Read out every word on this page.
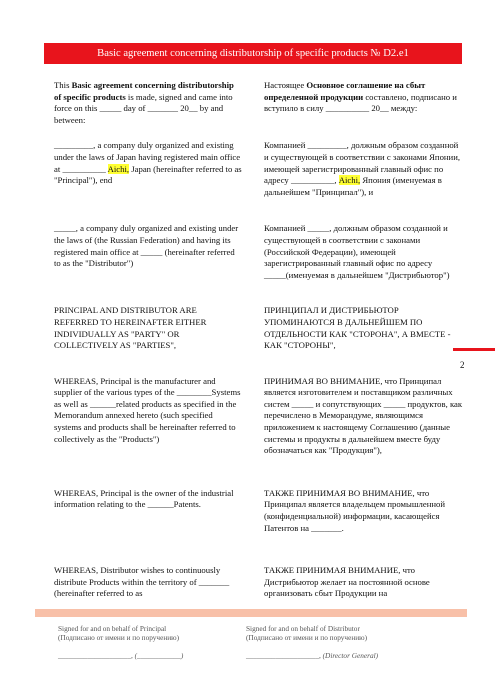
Basic agreement concerning distributorship of specific products № D2.e1

This Basic agreement concerning distributorship of specific products is made, signed and came into force on this _____ day of _______ 20__ by and between:

Настоящее Основное соглашение на сбыт определенной продукции составлено, подписано и вступило в силу __________ 20__ между:

_________, a company duly organized and existing under the laws of Japan having registered main office at __________ Aichi, Japan (hereinafter referred to as "Principal"), end

Компанией _________, должным образом созданной и существующей в соответствии с законами Японии, имеющей зарегистрированный главный офис по адресу __________, Aichi, Япония (именуемая в дальнейшем "Принципал"), и

_____, a company duly organized and existing under the laws of (the Russian Federation) and having its registered main office at _____ (hereinafter referred to as the "Distributor")

Компанией _____, должным образом созданной и существующей в соответствии с законами (Российской Федерации), имеющей зарегистрированный главный офис по адресу _____(именуемая в дальнейшем "Дистрибьютор")

PRINCIPAL AND DISTRIBUTOR ARE REFERRED TO HEREINAFTER EITHER INDIVIDUALLY AS "PARTY" OR COLLECTIVELY AS "PARTIES",

ПРИНЦИПАЛ И ДИСТРИБЬЮТОР УПОМИНАЮТСЯ В ДАЛЬНЕЙШЕМ ПО ОТДЕЛЬНОСТИ КАК "СТОРОНА", А ВМЕСТЕ - КАК "СТОРОНЫ",

WHEREAS, Principal is the manufacturer and supplier of the various types of the ________Systems as well as ______related products as specified in the Memorandum annexed hereto (such specified systems and products shall be hereinafter referred to collectively as the "Products")

ПРИНИМАЯ ВО ВНИМАНИЕ, что Принципал является изготовителем и поставщиком различных систем _____ и сопутствующих _____ продуктов, как перечислено в Меморандуме, являющимся приложением к настоящему Соглашению (данные системы и продукты в дальнейшем вместе буду обозначаться как "Продукция"),

WHEREAS, Principal is the owner of the industrial information relating to the ______Patents.

ТАКЖЕ ПРИНИМАЯ ВО ВНИМАНИЕ, что Принципал является владельцем промышленной (конфиденциальной) информации, касающейся Патентов на _______.

WHEREAS, Distributor wishes to continuously distribute Products within the territory of _______ (hereinafter referred to as

ТАКЖЕ ПРИНИМАЯ ВНИМАНИЕ, что Дистрибьютор желает на постоянной основе организовать сбыт Продукции на

2

Signed for and on behalf of Principal

(Подписано от имени и по поручению)

Signed for and on behalf of Distributor

(Подписано от имени и по поручению)

____________________, (____________)	____________________, (Director General)
